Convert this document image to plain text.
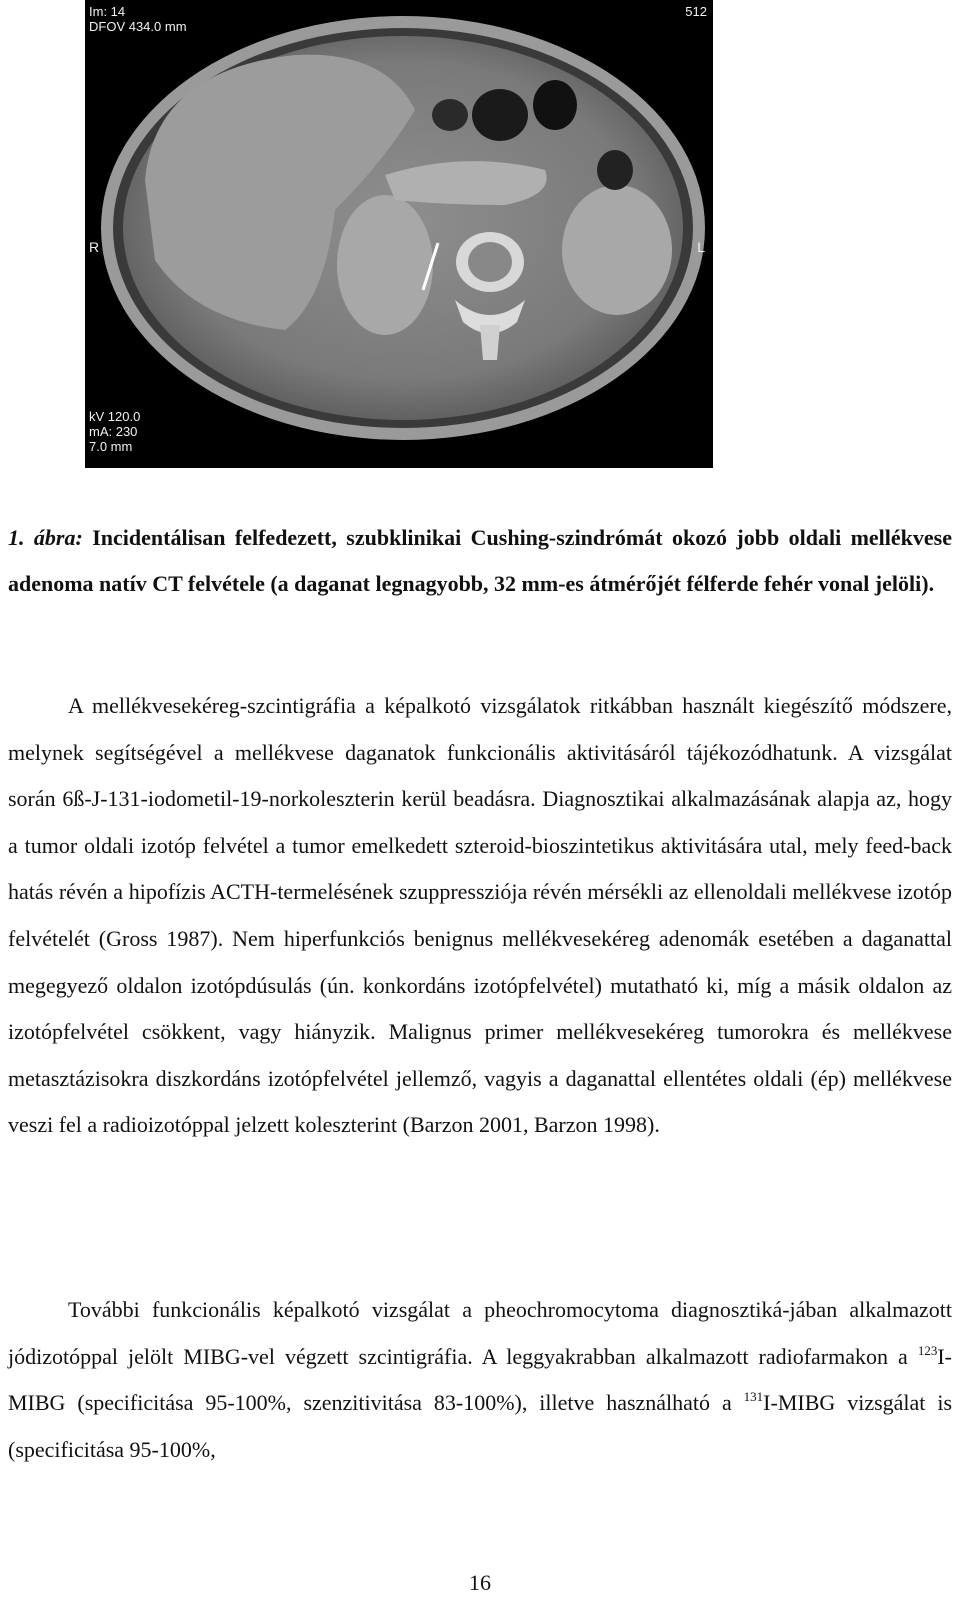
Im: 14
DFOV 434.0 mm
512
R	L
kV 120.0
mA: 230
7.0 mm
1. ábra: Incidentálisan felfedezett, szubklinikai Cushing-szindrómát okozó jobb oldali mellékvese adenoma natív CT felvétele (a daganat legnagyobb, 32 mm-es átmérőjét félferde fehér vonal jelöli).

A mellékvesekéreg-szcintigráfia a képalkotó vizsgálatok ritkábban használt kiegészítő módszere, melynek segítségével a mellékvese daganatok funkcionális aktivitásáról tájékozódhatunk. A vizsgálat során 6ß-J-131-iodometil-19-norkoleszterin kerül beadásra. Diagnosztikai alkalmazásának alapja az, hogy a tumor oldali izotóp felvétel a tumor emelkedett szteroid-bioszintetikus aktivitására utal, mely feed-back hatás révén a hipofízis ACTH-termelésének szuppressziója révén mérsékli az ellenoldali mellékvese izotóp felvételét (Gross 1987). Nem hiperfunkciós benignus mellékvesekéreg adenomák esetében a daganattal megegyező oldalon izotópdúsulás (ún. konkordáns izotópfelvétel) mutatható ki, míg a másik oldalon az izotópfelvétel csökkent, vagy hiányzik. Malignus primer mellékvesekéreg tumorokra és mellékvese metasztázisokra diszkordáns izotópfelvétel jellemző, vagyis a daganattal ellentétes oldali (ép) mellékvese veszi fel a radioizotóppal jelzett koleszterint (Barzon 2001, Barzon 1998).

További funkcionális képalkotó vizsgálat a pheochromocytoma diagnosztiká-jában alkalmazott jódizotóppal jelölt MIBG-vel végzett szcintigráfia. A leggyakrabban alkalmazott radiofarmakon a $^{123}$I-MIBG (specificitása 95-100%, szenzitivitása 83-100%), illetve használható a $^{131}$I-MIBG vizsgálat is (specificitása 95-100%,

16
